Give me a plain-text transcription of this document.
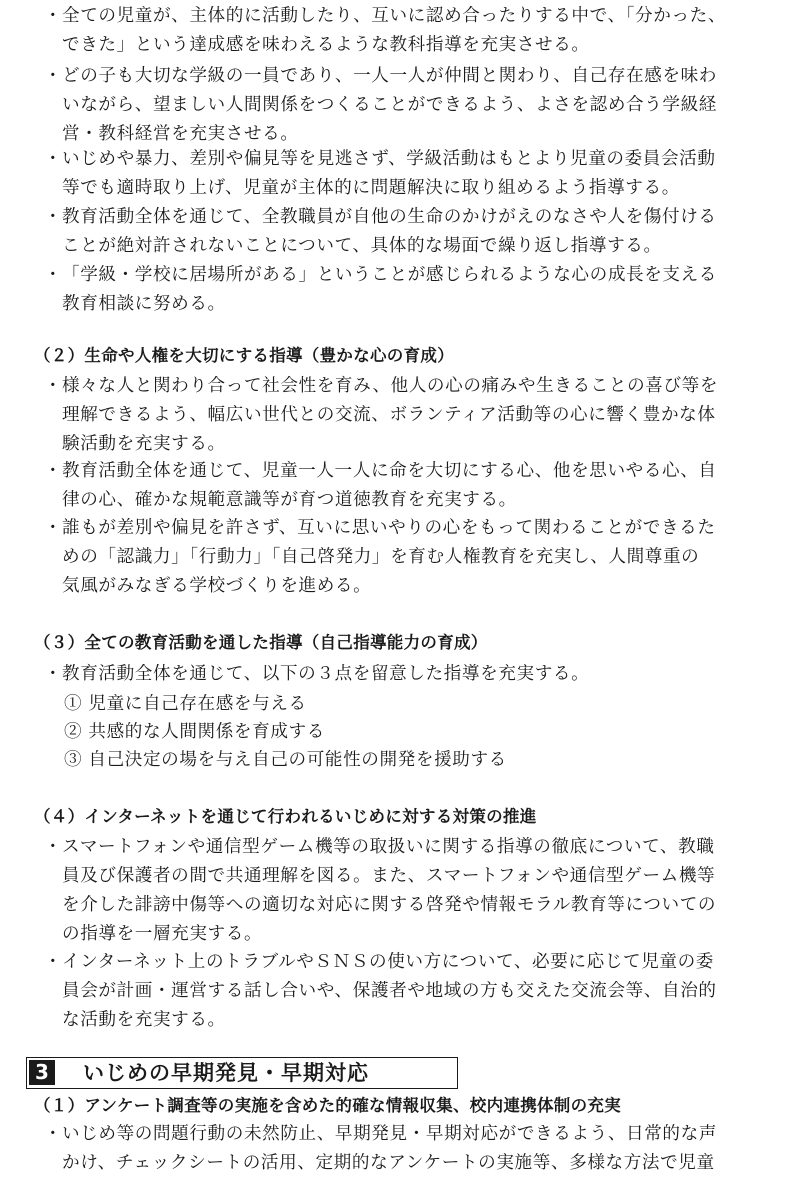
・ 全ての児童が、主体的に活動したり、互いに認め合ったりする中で、「分かった、
できた」という達成感を味わえるような教科指導を充実させる。
・ どの子も大切な学級の一員であり、一人一人が仲間と関わり、自己存在感を味わ
いながら、望ましい人間関係をつくることができるよう、よさを認め合う学級経
営・教科経営を充実させる。
・ いじめや暴力、差別や偏見等を見逃さず、学級活動はもとより児童の委員会活動
等でも適時取り上げ、児童が主体的に問題解決に取り組めるよう指導する。
・ 教育活動全体を通じて、全教職員が自他の生命のかけがえのなさや人を傷付ける
ことが絶対許されないことについて、具体的な場面で繰り返し指導する。
・ 「学級・学校に居場所がある」ということが感じられるような心の成長を支える
教育相談に努める。
（２）生命や人権を大切にする指導（豊かな心の育成）
・ 様々な人と関わり合って社会性を育み、他人の心の痛みや生きることの喜び等を
理解できるよう、幅広い世代との交流、ボランティア活動等の心に響く豊かな体
験活動を充実する。
・ 教育活動全体を通じて、児童一人一人に命を大切にする心、他を思いやる心、自
律の心、確かな規範意識等が育つ道徳教育を充実する。
・ 誰もが差別や偏見を許さず、互いに思いやりの心をもって関わることができるた
めの「認識力」「行動力」「自己啓発力」を育む人権教育を充実し、人間尊重の
気風がみなぎる学校づくりを進める。
（３）全ての教育活動を通した指導（自己指導能力の育成）
・ 教育活動全体を通じて、以下の３点を留意した指導を充実する。
① 児童に自己存在感を与える
② 共感的な人間関係を育成する
③ 自己決定の場を与え自己の可能性の開発を援助する
（４）インターネットを通じて行われるいじめに対する対策の推進
・ スマートフォンや通信型ゲーム機等の取扱いに関する指導の徹底について、教職
員及び保護者の間で共通理解を図る。また、スマートフォンや通信型ゲーム機等
を介した誹謗中傷等への適切な対応に関する啓発や情報モラル教育等についての
の指導を一層充実する。
・ インターネット上のトラブルやＳＮＳの使い方について、必要に応じて児童の委
員会が計画・運営する話し合いや、保護者や地域の方も交えた交流会等、自治的
な活動を充実する。
3 いじめの早期発見・早期対応
（１）アンケート調査等の実施を含めた的確な情報収集、校内連携体制の充実
・ いじめ等の問題行動の未然防止、早期発見・早期対応ができるよう、日常的な声
かけ、チェックシートの活用、定期的なアンケートの実施等、多様な方法で児童
